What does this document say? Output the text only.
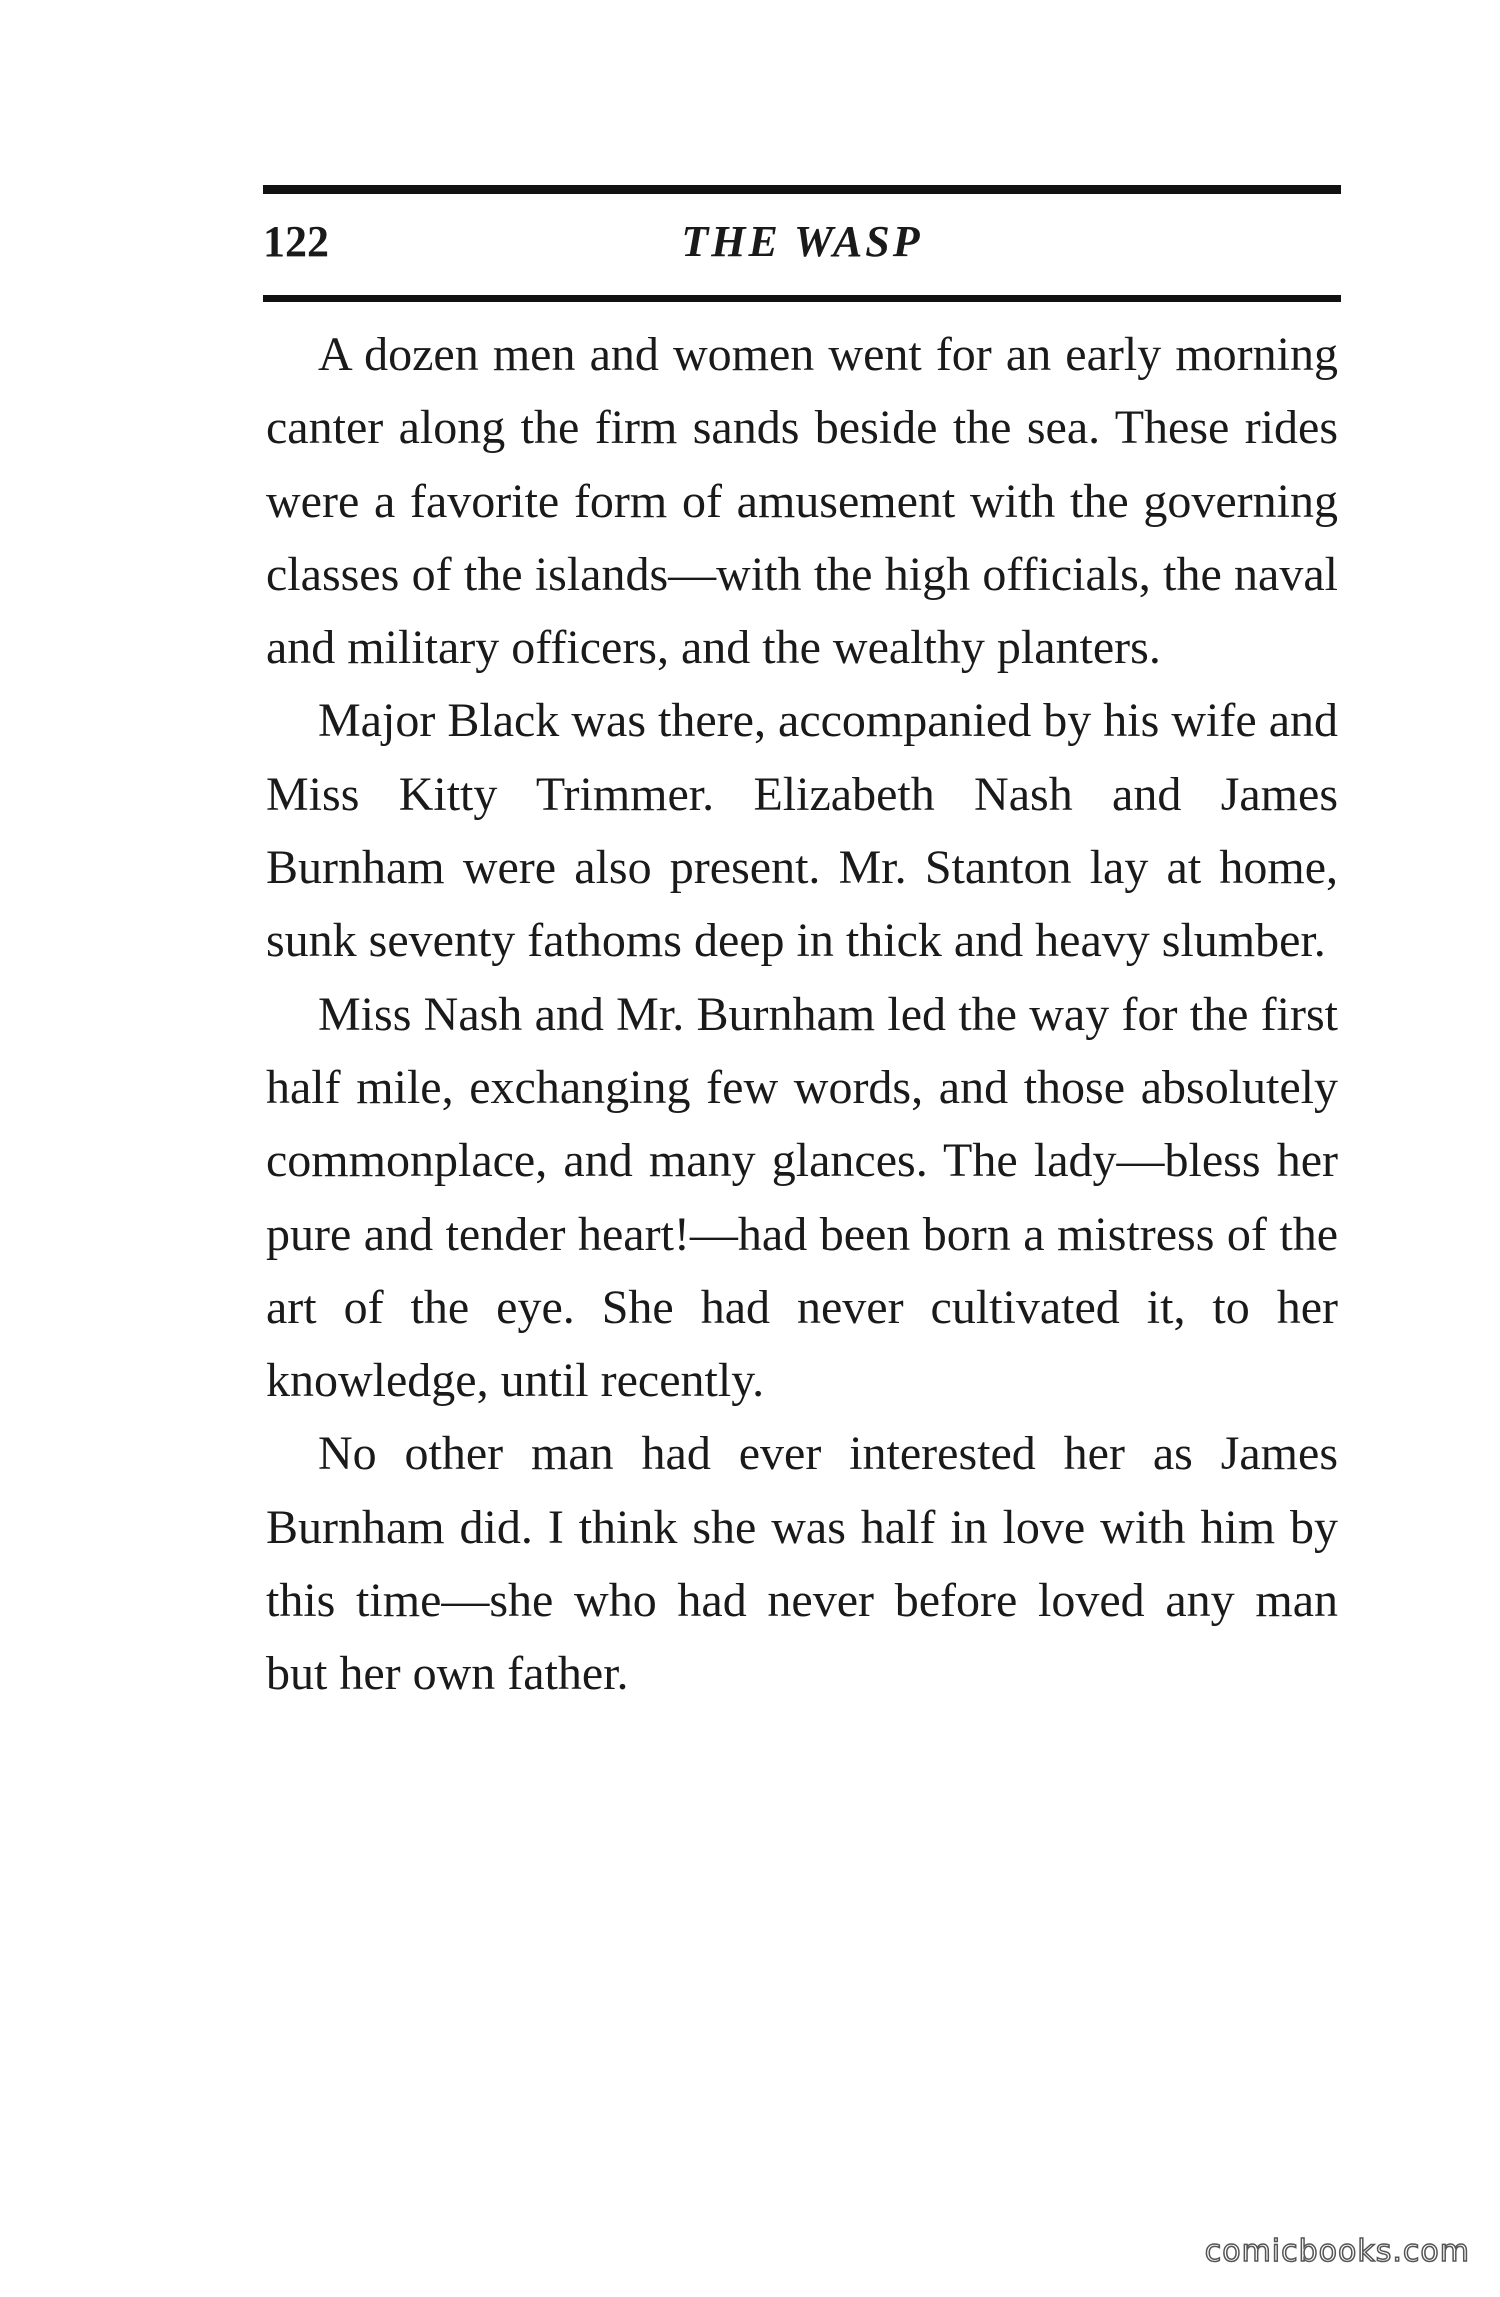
122	THE WASP

A dozen men and women went for an early morning canter along the firm sands beside the sea. These rides were a favorite form of amusement with the governing classes of the islands—with the high officials, the naval and military officers, and the wealthy planters.

Major Black was there, accompanied by his wife and Miss Kitty Trimmer. Elizabeth Nash and James Burnham were also present. Mr. Stanton lay at home, sunk seventy fathoms deep in thick and heavy slumber.

Miss Nash and Mr. Burnham led the way for the first half mile, exchanging few words, and those absolutely commonplace, and many glances. The lady—bless her pure and tender heart!—had been born a mistress of the art of the eye. She had never cultivated it, to her knowledge, until recently.

No other man had ever interested her as James Burnham did. I think she was half in love with him by this time—she who had never before loved any man but her own father.

comicbooks.com
